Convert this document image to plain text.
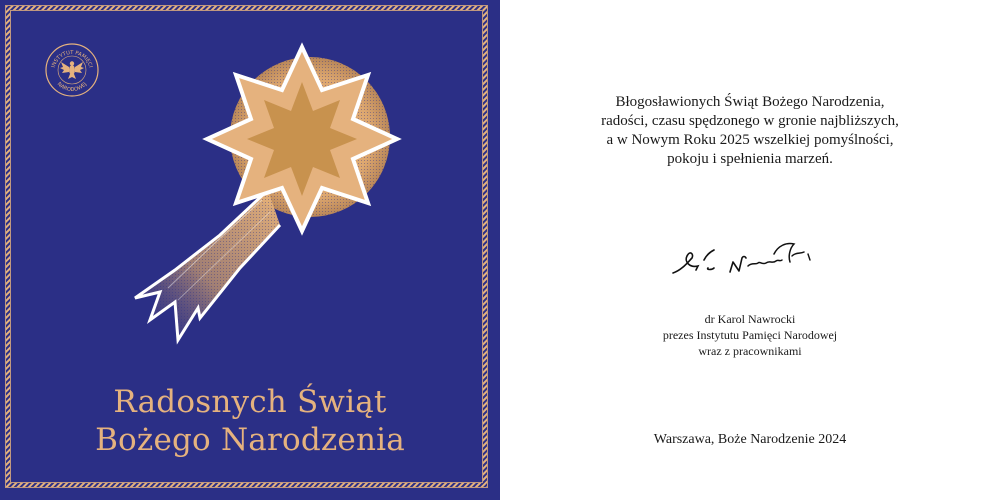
INSTYTUT PAMIĘCI
NARODOWEJ
Radosnych Świąt
Bożego Narodzenia
Błogosławionych Świąt Bożego Narodzenia,
radości, czasu spędzonego w gronie najbliższych,
a w Nowym Roku 2025 wszelkiej pomyślności,
pokoju i spełnienia marzeń.
dr Karol Nawrocki
prezes Instytutu Pamięci Narodowej
wraz z pracownikami
Warszawa, Boże Narodzenie 2024
